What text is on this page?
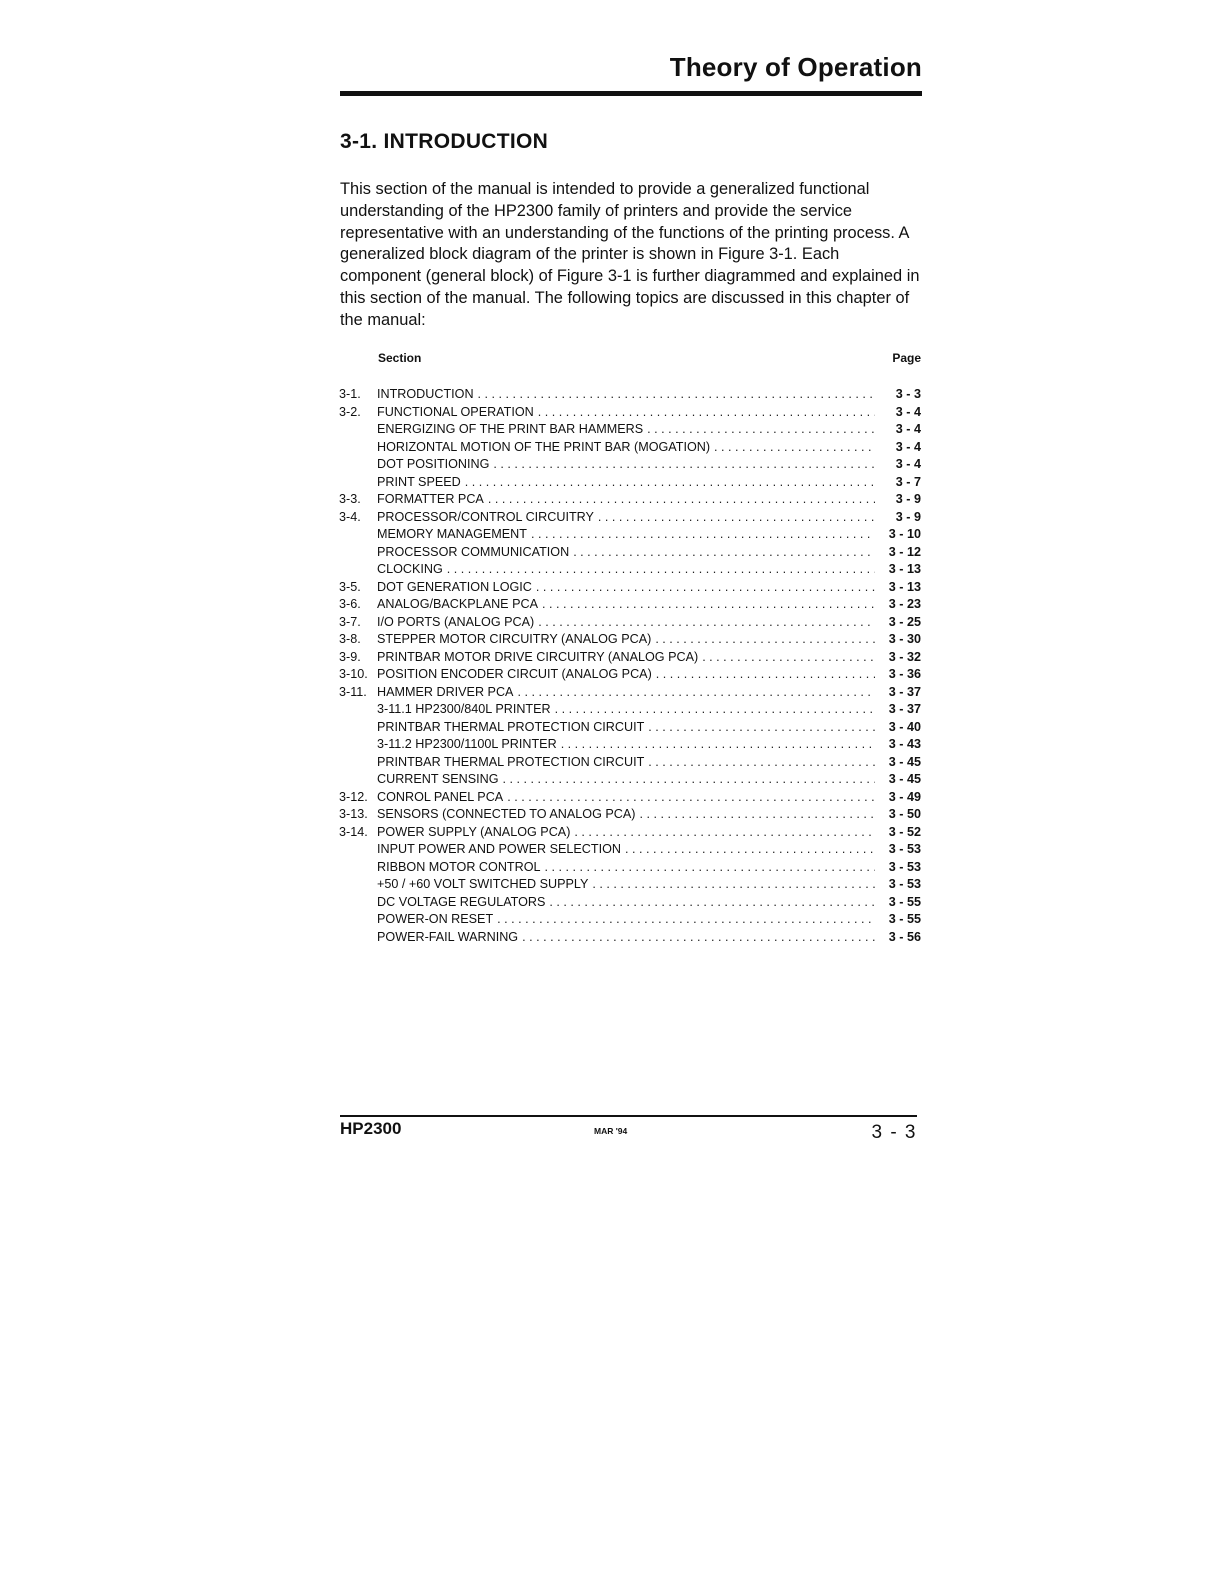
Theory of Operation
3-1. INTRODUCTION

This section of the manual is intended to provide a generalized functional understanding of the HP2300 family of printers and provide the service representative with an understanding of the functions of the printing process. A generalized block diagram of the printer is shown in Figure 3-1. Each component (general block) of Figure 3-1 is further diagrammed and explained in this section of the manual. The following topics are discussed in this chapter of the manual:

Section	Page
3-1.	INTRODUCTION . . .	3 - 3
3-2.	FUNCTIONAL OPERATION . . .	3 - 4
ENERGIZING OF THE PRINT BAR HAMMERS . . .	3 - 4
HORIZONTAL MOTION OF THE PRINT BAR (MOGATION) . . .	3 - 4
DOT POSITIONING . . .	3 - 4
PRINT SPEED . . .	3 - 7
3-3.	FORMATTER PCA . . .	3 - 9
3-4.	PROCESSOR/CONTROL CIRCUITRY . . .	3 - 9
MEMORY MANAGEMENT . . .	3 - 10
PROCESSOR COMMUNICATION . . .	3 - 12
CLOCKING . . .	3 - 13
3-5.	DOT GENERATION LOGIC . . .	3 - 13
3-6.	ANALOG/BACKPLANE PCA . . .	3 - 23
3-7.	I/O PORTS (ANALOG PCA) . . .	3 - 25
3-8.	STEPPER MOTOR CIRCUITRY (ANALOG PCA) . . .	3 - 30
3-9.	PRINTBAR MOTOR DRIVE CIRCUITRY (ANALOG PCA) . . .	3 - 32
3-10. POSITION ENCODER CIRCUIT (ANALOG PCA) . . .	3 - 36
3-11. HAMMER DRIVER PCA . . .	3 - 37
3-11.1 HP2300/840L PRINTER . . .	3 - 37
PRINTBAR THERMAL PROTECTION CIRCUIT . . .	3 - 40
3-11.2 HP2300/1100L PRINTER . . .	3 - 43
PRINTBAR THERMAL PROTECTION CIRCUIT . . .	3 - 45
CURRENT SENSING . . .	3 - 45
3-12. CONROL PANEL PCA . . .	3 - 49
3-13. SENSORS (CONNECTED TO ANALOG PCA) . . .	3 - 50
3-14. POWER SUPPLY (ANALOG PCA) . . .	3 - 52
INPUT POWER AND POWER SELECTION . . .	3 - 53
RIBBON MOTOR CONTROL . . .	3 - 53
+50 / +60 VOLT SWITCHED SUPPLY . . .	3 - 53
DC VOLTAGE REGULATORS . . .	3 - 55
POWER-ON RESET . . .	3 - 55
POWER-FAIL WARNING . . .	3 - 56
HP2300	MAR '94	3 - 3
